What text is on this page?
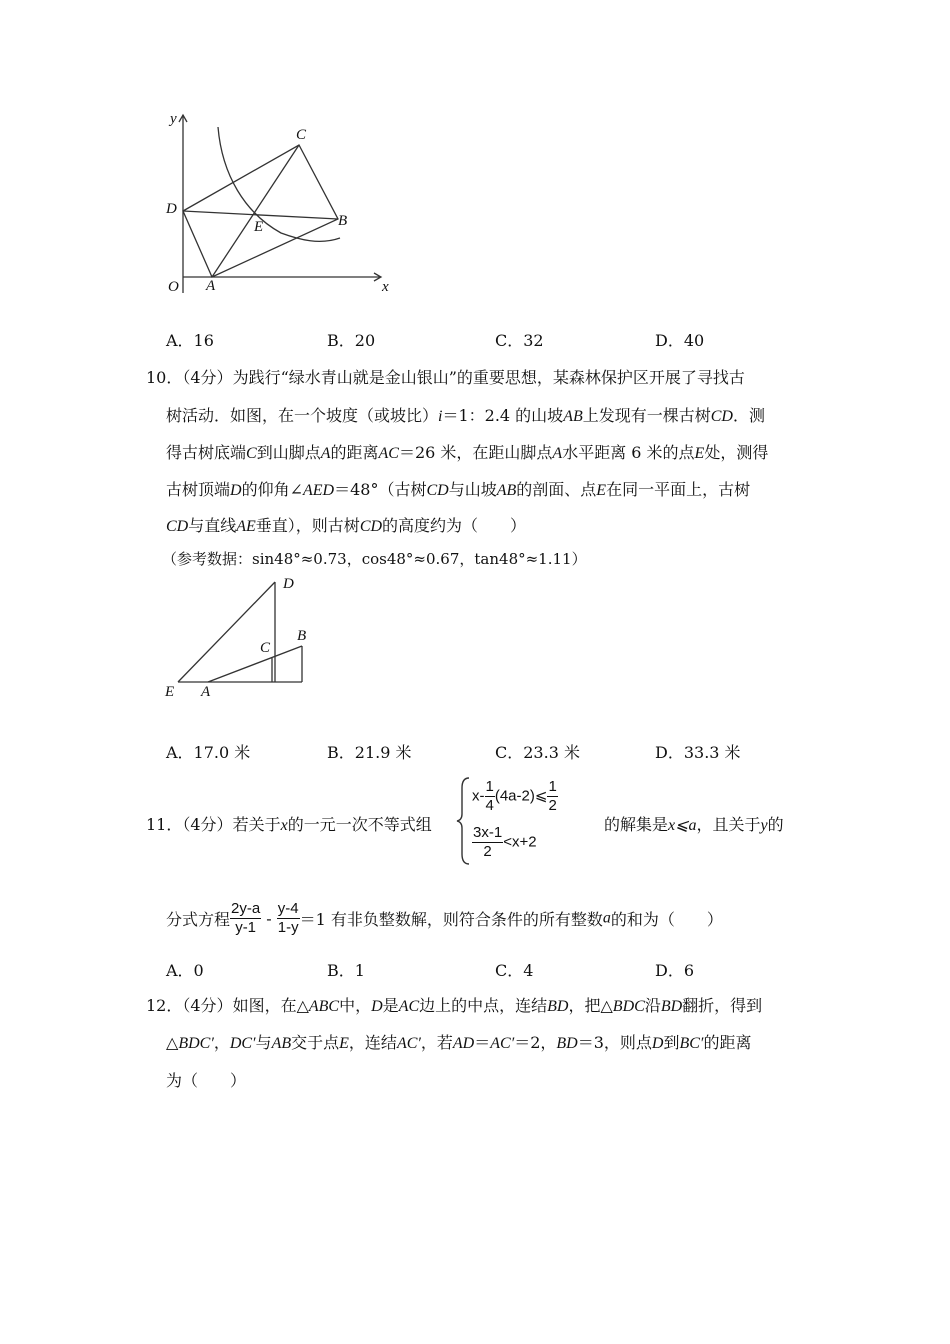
y
x
O A
B
C
D
E
A．16	B．20	C．32	D．40
10．（4分）为践行“绿水青山就是金山银山”的重要思想，某森林保护区开展了寻找古
树活动．如图，在一个坡度（或坡比）i＝1：2.4 的山坡AB上发现有一棵古树CD．测
得古树底端C到山脚点A的距离AC＝26 米，在距山脚点A水平距离 6 米的点E处，测得
古树顶端D的仰角∠AED＝48°（古树CD与山坡AB的剖面、点E在同一平面上，古树
CD与直线AE垂直），则古树CD的高度约为（　　）
（参考数据：sin48°≈0.73，cos48°≈0.67，tan48°≈1.11）
D
C
B
E A
A．17.0 米	B．21.9 米	C．23.3 米	D．33.3 米
11．（4分）若关于x的一元一次不等式组
$x- \frac{1}{4}$ (4a-2)⩽ $\frac{1}{2}$
$\frac{3x-1}{2} <x+2$
的解集是x⩽a，且关于y的
分式方程 $\frac{2y-a}{y-1} - \frac{y-4}{1-y} =1$ 有非负整数解，则符合条件的所有整数a的和为（　　）
A．0	B．1	C．4	D．6
12．（4分）如图，在△ABC中，D是AC边上的中点，连结BD，把△BDC沿BD翻折，得到
△BDC′，DC′与AB交于点E，连结AC′，若AD＝AC′＝2，BD＝3，则点D到BC′的距离
为（　　）
